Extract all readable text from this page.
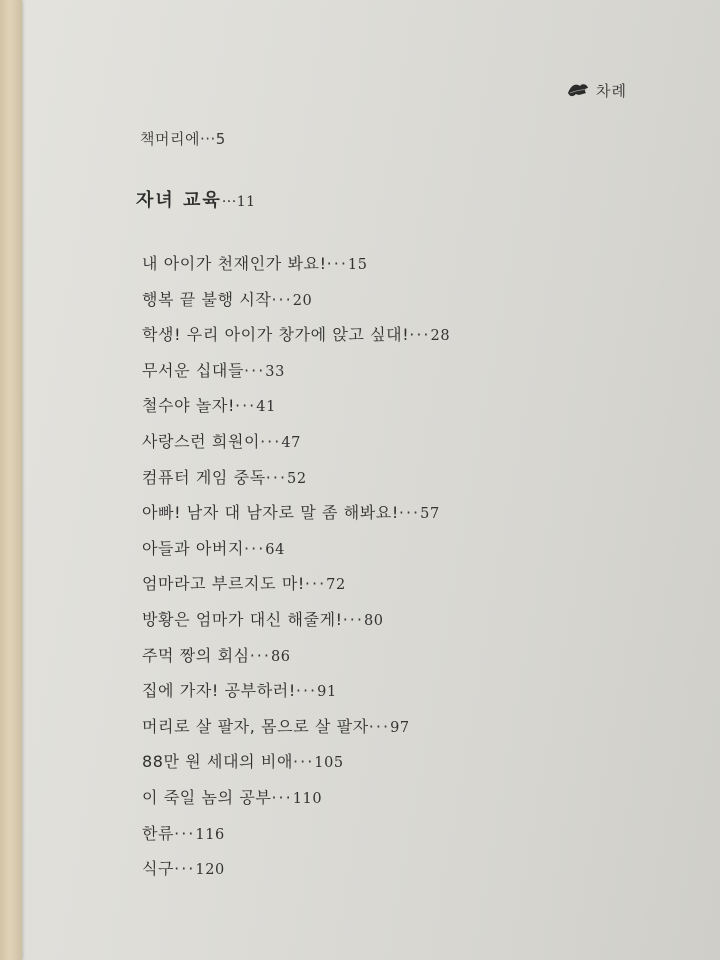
차례
책머리에···5
자녀 교육···11
내 아이가 천재인가 봐요!···15
행복 끝 불행 시작···20
학생! 우리 아이가 창가에 앉고 싶대!···28
무서운 십대들···33
철수야 놀자!···41
사랑스런 희원이···47
컴퓨터 게임 중독···52
아빠! 남자 대 남자로 말 좀 해봐요!···57
아들과 아버지···64
엄마라고 부르지도 마!···72
방황은 엄마가 대신 해줄게!···80
주먹 짱의 회심···86
집에 가자! 공부하러!···91
머리로 살 팔자, 몸으로 살 팔자···97
88만 원 세대의 비애···105
이 죽일 놈의 공부···110
한류···116
식구···120
